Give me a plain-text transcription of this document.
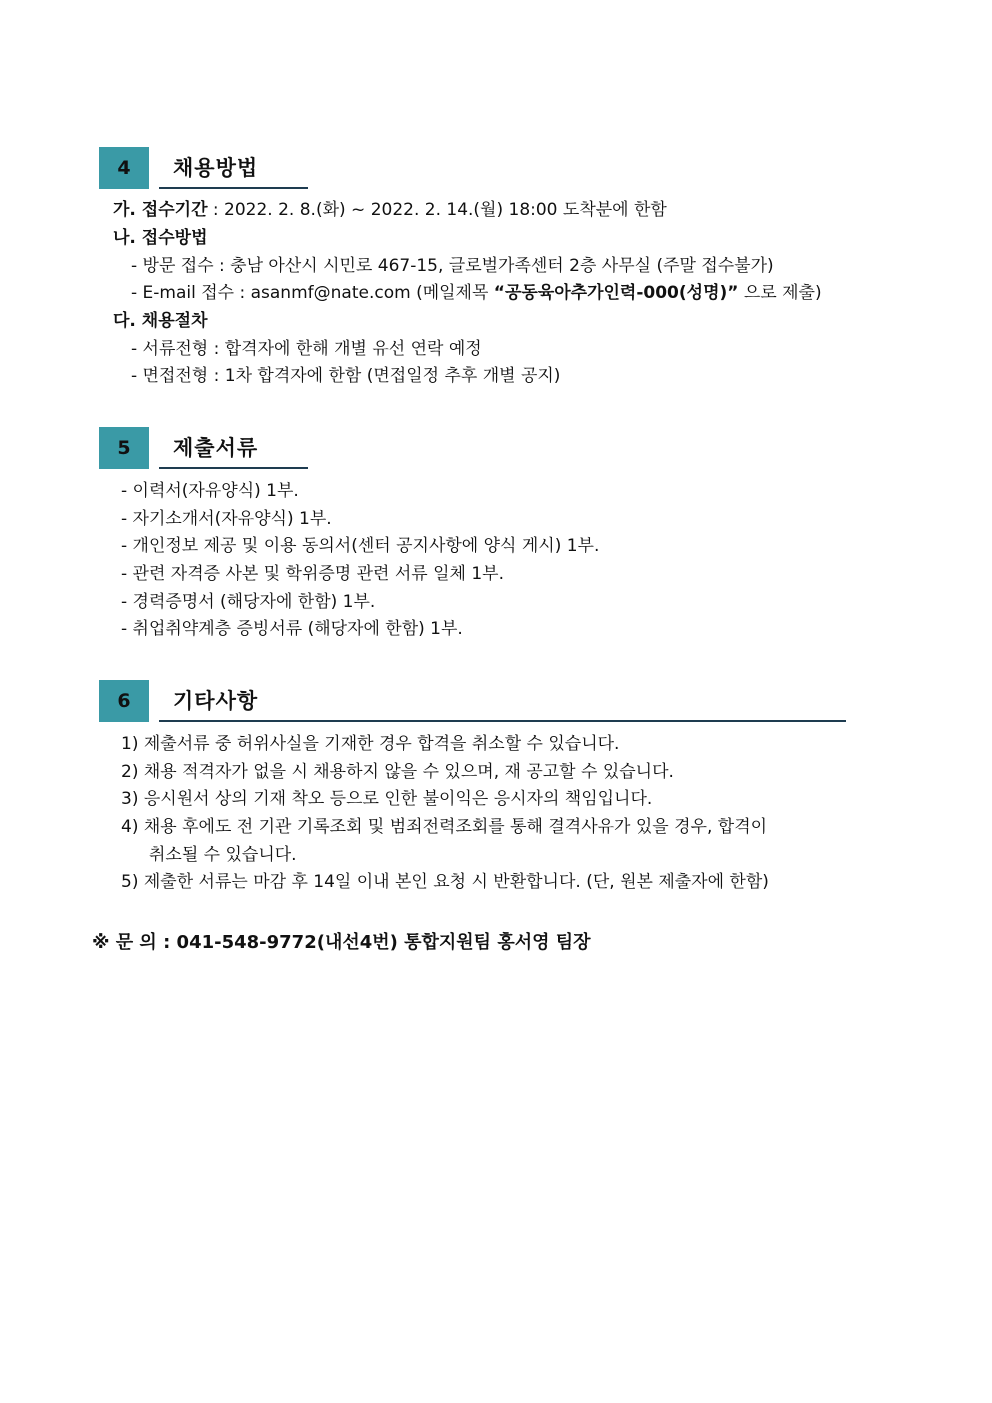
4	채용방법
가. 접수기간 : 2022. 2. 8.(화) ~ 2022. 2. 14.(월) 18:00 도착분에 한함
나. 접수방법
- 방문 접수 : 충남 아산시 시민로 467-15, 글로벌가족센터 2층 사무실 (주말 접수불가)
- E-mail 접수 : asanmf@nate.com (메일제목 “공동육아추가인력-000(성명)” 으로 제출)
다. 채용절차
- 서류전형 : 합격자에 한해 개별 유선 연락 예정
- 면접전형 : 1차 합격자에 한함 (면접일정 추후 개별 공지)
5	제출서류
- 이력서(자유양식) 1부.
- 자기소개서(자유양식) 1부.
- 개인정보 제공 및 이용 동의서(센터 공지사항에 양식 게시) 1부.
- 관련 자격증 사본 및 학위증명 관련 서류 일체 1부.
- 경력증명서 (해당자에 한함) 1부.
- 취업취약계층 증빙서류 (해당자에 한함) 1부.
6	기타사항
1) 제출서류 중 허위사실을 기재한 경우 합격을 취소할 수 있습니다.
2) 채용 적격자가 없을 시 채용하지 않을 수 있으며, 재 공고할 수 있습니다.
3) 응시원서 상의 기재 착오 등으로 인한 불이익은 응시자의 책임입니다.
4) 채용 후에도 전 기관 기록조회 및 범죄전력조회를 통해 결격사유가 있을 경우, 합격이
취소될 수 있습니다.
5) 제출한 서류는 마감 후 14일 이내 본인 요청 시 반환합니다. (단, 원본 제출자에 한함)
※ 문 의 : 041-548-9772(내선4번) 통합지원팀 홍서영 팀장
